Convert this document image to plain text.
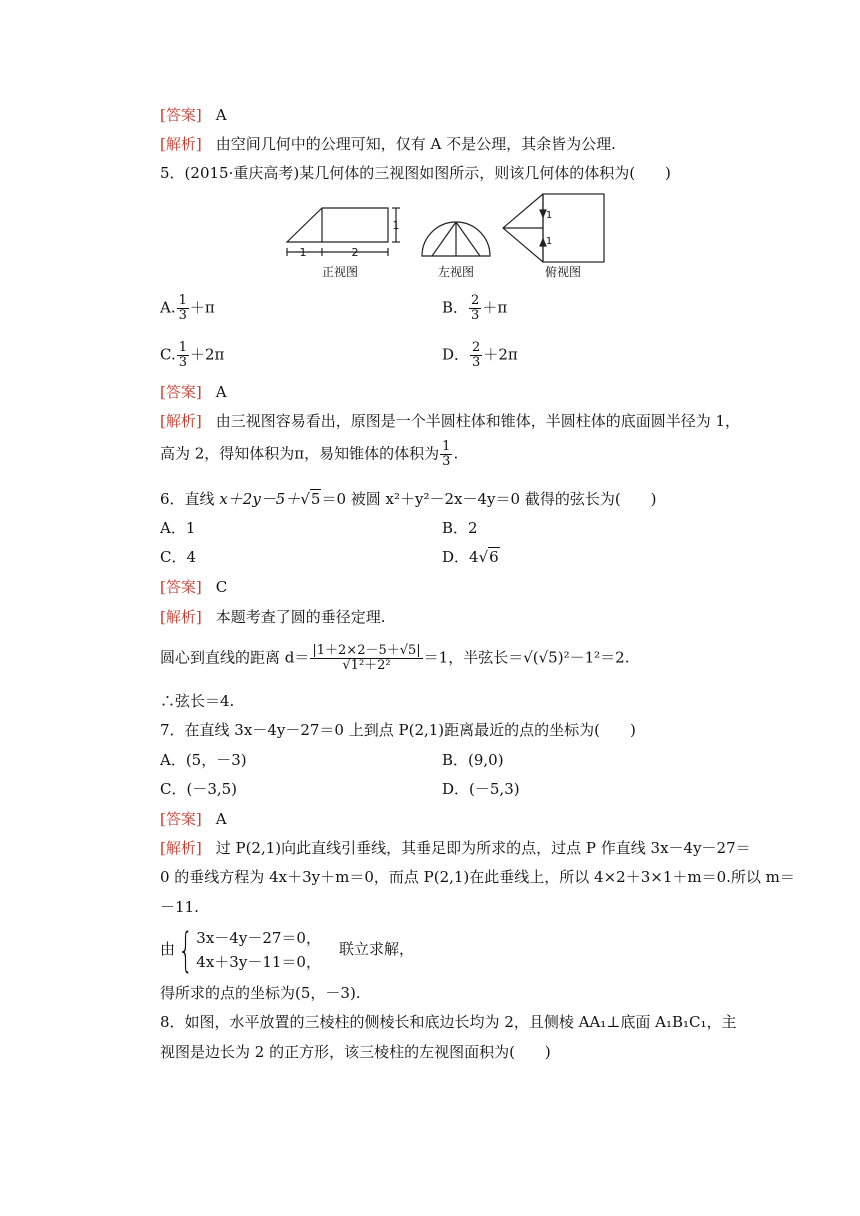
[答案] A
[解析] 由空间几何中的公理可知，仅有 A 不是公理，其余皆为公理.
5．(2015·重庆高考)某几何体的三视图如图所示，则该几何体的体积为(　　)
1	2
1
1
1
正视图	左视图	俯视图
A. $\frac{1}{3} +\pi$	B． $\frac{2}{3} +\pi$
C. $\frac{1}{3} +2\pi$	D． $\frac{2}{3} +2\pi$
[答案] A
[解析] 由三视图容易看出，原图是一个半圆柱体和锥体，半圆柱体的底面圆半径为 1，
高为 2，得知体积为π，易知锥体的体积为 $\frac{1}{3}$ .
6．直线 x＋2y－5＋√5＝0 被圆 x²＋y²－2x－4y＝0 截得的弦长为(　　)
A．1	B．2
C．4	D．4√6
[答案] C
[解析] 本题考查了圆的垂径定理.
圆心到直线的距离 $d= \frac{|1+2\times 2-5+√5|}{\text{√1²＋2²}} =1$，半弦长＝√(√5)²－1²＝2.
∴弦长＝4.
7．在直线 3x－4y－27＝0 上到点 P(2,1)距离最近的点的坐标为(　　)
A．(5，－3)	B．(9,0)
C．(－3,5)	D．(－5,3)
[答案] A
[解析] 过 P(2,1)向此直线引垂线，其垂足即为所求的点，过点 P 作直线 3x－4y－27＝
0 的垂线方程为 4x＋3y＋m＝0，而点 P(2,1)在此垂线上，所以 4×2＋3×1＋m＝0.所以 m＝
－11.
由{ 3x－4y－27＝0，
4x＋3y－11＝0，
联立求解，
得所求的点的坐标为(5，－3).
8．如图，水平放置的三棱柱的侧棱长和底边长均为 2，且侧棱 AA₁⊥底面 A₁B₁C₁，主
视图是边长为 2 的正方形，该三棱柱的左视图面积为(　　)
